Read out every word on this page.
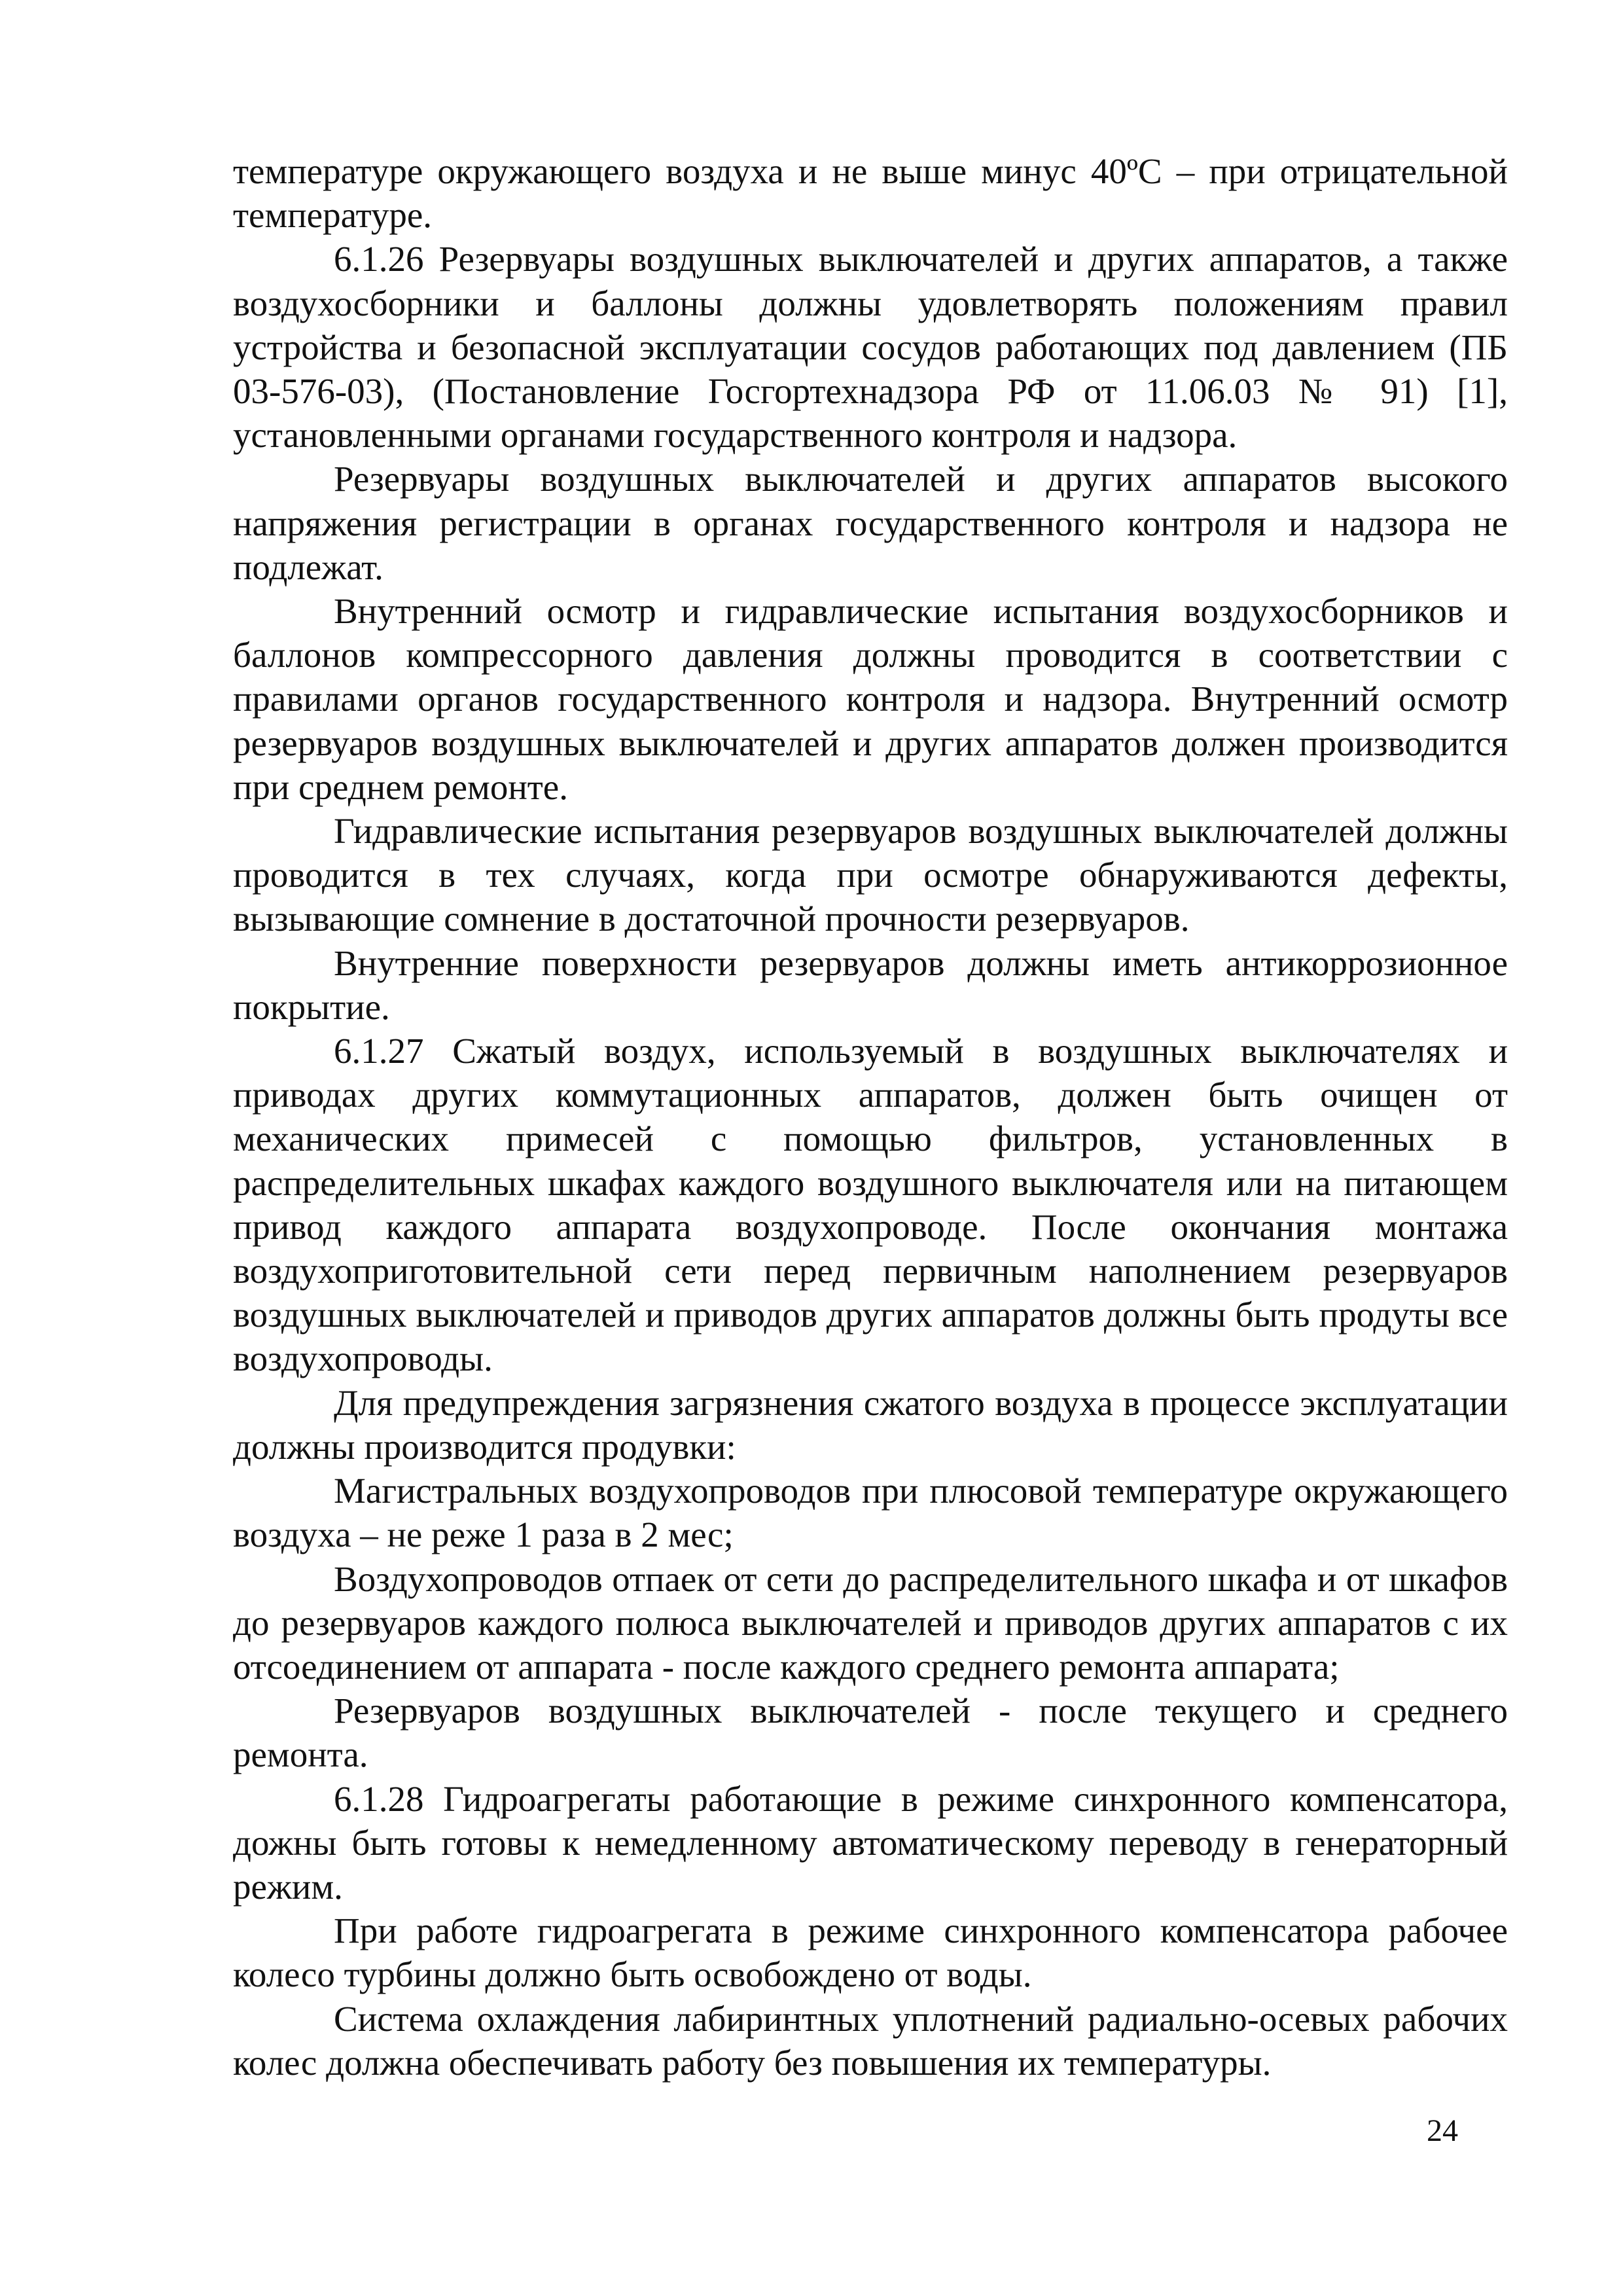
температуре окружающего воздуха и не выше минус 40ºС – при отрицательной температуре.

6.1.26 Резервуары воздушных выключателей и других аппаратов, а также воздухосборники и баллоны должны удовлетворять положениям правил устройства и безопасной эксплуатации сосудов работающих под давлением (ПБ 03-576-03), (Постановление Госгортехнадзора РФ от 11.06.03 № 91) [1], установленными органами государственного контроля и надзора.

Резервуары воздушных выключателей и других аппаратов высокого напряжения регистрации в органах государственного контроля и надзора не подлежат.

Внутренний осмотр и гидравлические испытания воздухосборников и баллонов компрессорного давления должны проводится в соответствии с правилами органов государственного контроля и надзора. Внутренний осмотр резервуаров воздушных выключателей и других аппаратов должен производится при среднем ремонте.

Гидравлические испытания резервуаров воздушных выключателей должны проводится в тех случаях, когда при осмотре обнаруживаются дефекты, вызывающие сомнение в достаточной прочности резервуаров.

Внутренние поверхности резервуаров должны иметь антикоррозионное покрытие.

6.1.27 Сжатый воздух, используемый в воздушных выключателях и приводах других коммутационных аппаратов, должен быть очищен от механических примесей с помощью фильтров, установленных в распределительных шкафах каждого воздушного выключателя или на питающем привод каждого аппарата воздухопроводе. После окончания монтажа воздухоприготовительной сети перед первичным наполнением резервуаров воздушных выключателей и приводов других аппаратов должны быть продуты все воздухопроводы.

Для предупреждения загрязнения сжатого воздуха в процессе эксплуатации должны производится продувки:

Магистральных воздухопроводов при плюсовой температуре окружающего воздуха – не реже 1 раза в 2 мес;

Воздухопроводов отпаек от сети до распределительного шкафа и от шкафов до резервуаров каждого полюса выключателей и приводов других аппаратов с их отсоединением от аппарата - после каждого среднего ремонта аппарата;

Резервуаров воздушных выключателей - после текущего и среднего ремонта.

6.1.28 Гидроагрегаты работающие в режиме синхронного компенсатора, дожны быть готовы к немедленному автоматическому переводу в генераторный режим.

При работе гидроагрегата в режиме синхронного компенсатора рабочее колесо турбины должно быть освобождено от воды.

Система охлаждения лабиринтных уплотнений радиально-осевых рабочих колес должна обеспечивать работу без повышения их температуры.

24
